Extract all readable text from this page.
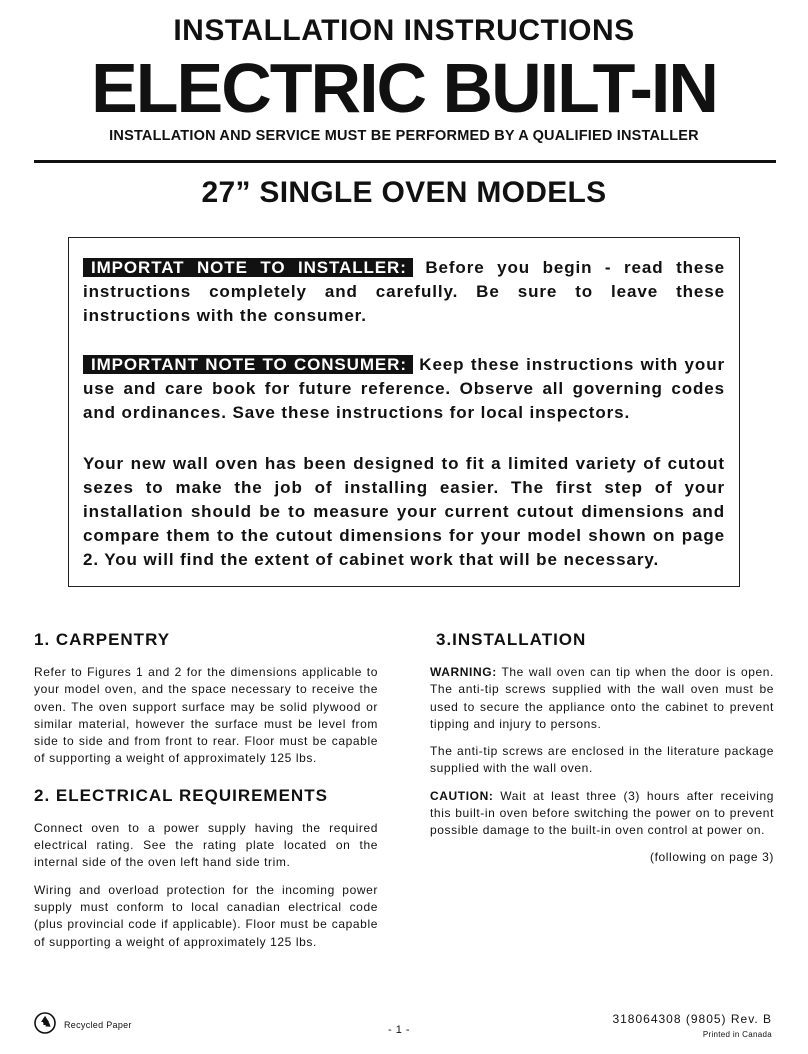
INSTALLATION INSTRUCTIONS
ELECTRIC BUILT-IN
INSTALLATION AND SERVICE MUST BE PERFORMED BY A QUALIFIED INSTALLER
27” SINGLE OVEN MODELS

IMPORTAT NOTE TO INSTALLER: Before you begin - read these instructions completely and carefully. Be sure to leave these instructions with the consumer.

IMPORTANT NOTE TO CONSUMER: Keep these instructions with your use and care book for future reference. Observe all governing codes and ordinances. Save these instructions for local inspectors.

Your new wall oven has been designed to fit a limited variety of cutout sezes to make the job of installing easier. The first step of your installation should be to measure your current cutout dimensions and compare them to the cutout dimensions for your model shown on page 2. You will find the extent of cabinet work that will be necessary.

1. CARPENTRY

Refer to Figures 1 and 2 for the dimensions applicable to your model oven, and the space necessary to receive the oven. The oven support surface may be solid plywood or similar material, however the surface must be level from side to side and from front to rear. Floor must be capable of supporting a weight of approximately 125 lbs.

2. ELECTRICAL REQUIREMENTS

Connect oven to a power supply having the required electrical rating. See the rating plate located on the internal side of the oven left hand side trim.

Wiring and overload protection for the incoming power supply must conform to local canadian electrical code (plus provincial code if applicable). Floor must be capable of supporting a weight of approximately 125 lbs.

3.INSTALLATION

WARNING: The wall oven can tip when the door is open. The anti-tip screws supplied with the wall oven must be used to secure the appliance onto the cabinet to prevent tipping and injury to persons.

The anti-tip screws are enclosed in the literature package supplied with the wall oven.

CAUTION: Wait at least three (3) hours after receiving this built-in oven before switching the power on to prevent possible damage to the built-in oven control at power on.

(following on page 3)

Recycled Paper	- 1 -
318064308 (9805) Rev. B
Printed in Canada
